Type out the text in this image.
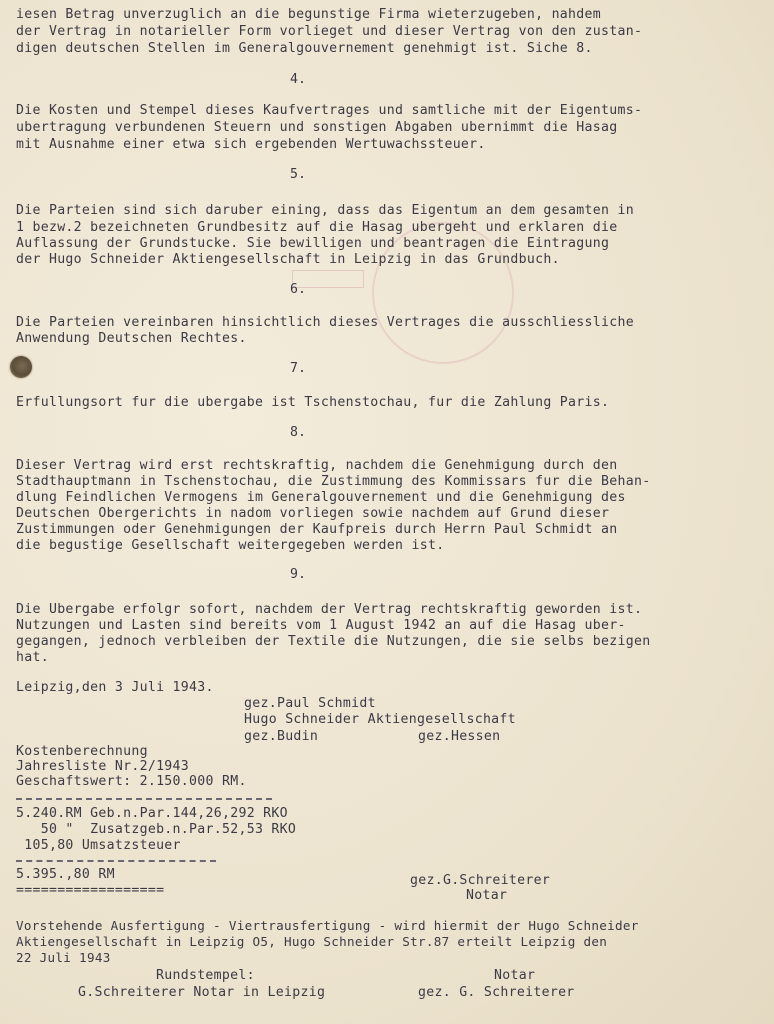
iesen Betrag unverzuglich an die begunstige Firma wieterzugeben, nahdem

der Vertrag in notarieller Form vorlieget und dieser Vertrag von den zustan-

digen deutschen Stellen im Generalgouvernement genehmigt ist. Siche 8.

4.

Die Kosten und Stempel dieses Kaufvertrages und samtliche mit der Eigentums-

ubertragung verbundenen Steuern und sonstigen Abgaben ubernimmt die Hasag

mit Ausnahme einer etwa sich ergebenden Wertuwachssteuer.

5.

Die Parteien sind sich daruber eining, dass das Eigentum an dem gesamten in

1 bezw.2 bezeichneten Grundbesitz auf die Hasag ubergeht und erklaren die

Auflassung der Grundstucke. Sie bewilligen und beantragen die Eintragung

der Hugo Schneider Aktiengesellschaft in Leipzig in das Grundbuch.

6.

Die Parteien vereinbaren hinsichtlich dieses Vertrages die ausschliessliche

Anwendung Deutschen Rechtes.

7.

Erfullungsort fur die ubergabe ist Tschenstochau, fur die Zahlung Paris.

8.

Dieser Vertrag wird erst rechtskraftig, nachdem die Genehmigung durch den

Stadthauptmann in Tschenstochau, die Zustimmung des Kommissars fur die Behan-

dlung Feindlichen Vermogens im Generalgouvernement und die Genehmigung des

Deutschen Obergerichts in nadom vorliegen sowie nachdem auf Grund dieser

Zustimmungen oder Genehmigungen der Kaufpreis durch Herrn Paul Schmidt an

die begustige Gesellschaft weitergegeben werden ist.

9.

Die Ubergabe erfolgr sofort, nachdem der Vertrag rechtskraftig geworden ist.

Nutzungen und Lasten sind bereits vom 1 August 1942 an auf die Hasag uber-

gegangen, jednoch verbleiben der Textile die Nutzungen, die sie selbs bezigen

hat.

Leipzig,den 3 Juli 1943.

gez.Paul Schmidt

Hugo Schneider Aktiengesellschaft

gez.Budin	gez.Hessen

Kostenberechnung

Jahresliste Nr.2/1943

Geschaftswert: 2.150.000 RM.

5.240.RM Geb.n.Par.144,26,292 RKO

50 "  Zusatzgeb.n.Par.52,53 RKO

105,80 Umsatzsteuer

5.395.,80 RM

==================

gez.G.Schreiterer

Notar

Vorstehende Ausfertigung - Viertrausfertigung - wird hiermit der Hugo Schneider

Aktiengesellschaft in Leipzig O5, Hugo Schneider Str.87 erteilt Leipzig den

22 Juli 1943

Rundstempel:	Notar

G.Schreiterer Notar in Leipzig	gez. G. Schreiterer
